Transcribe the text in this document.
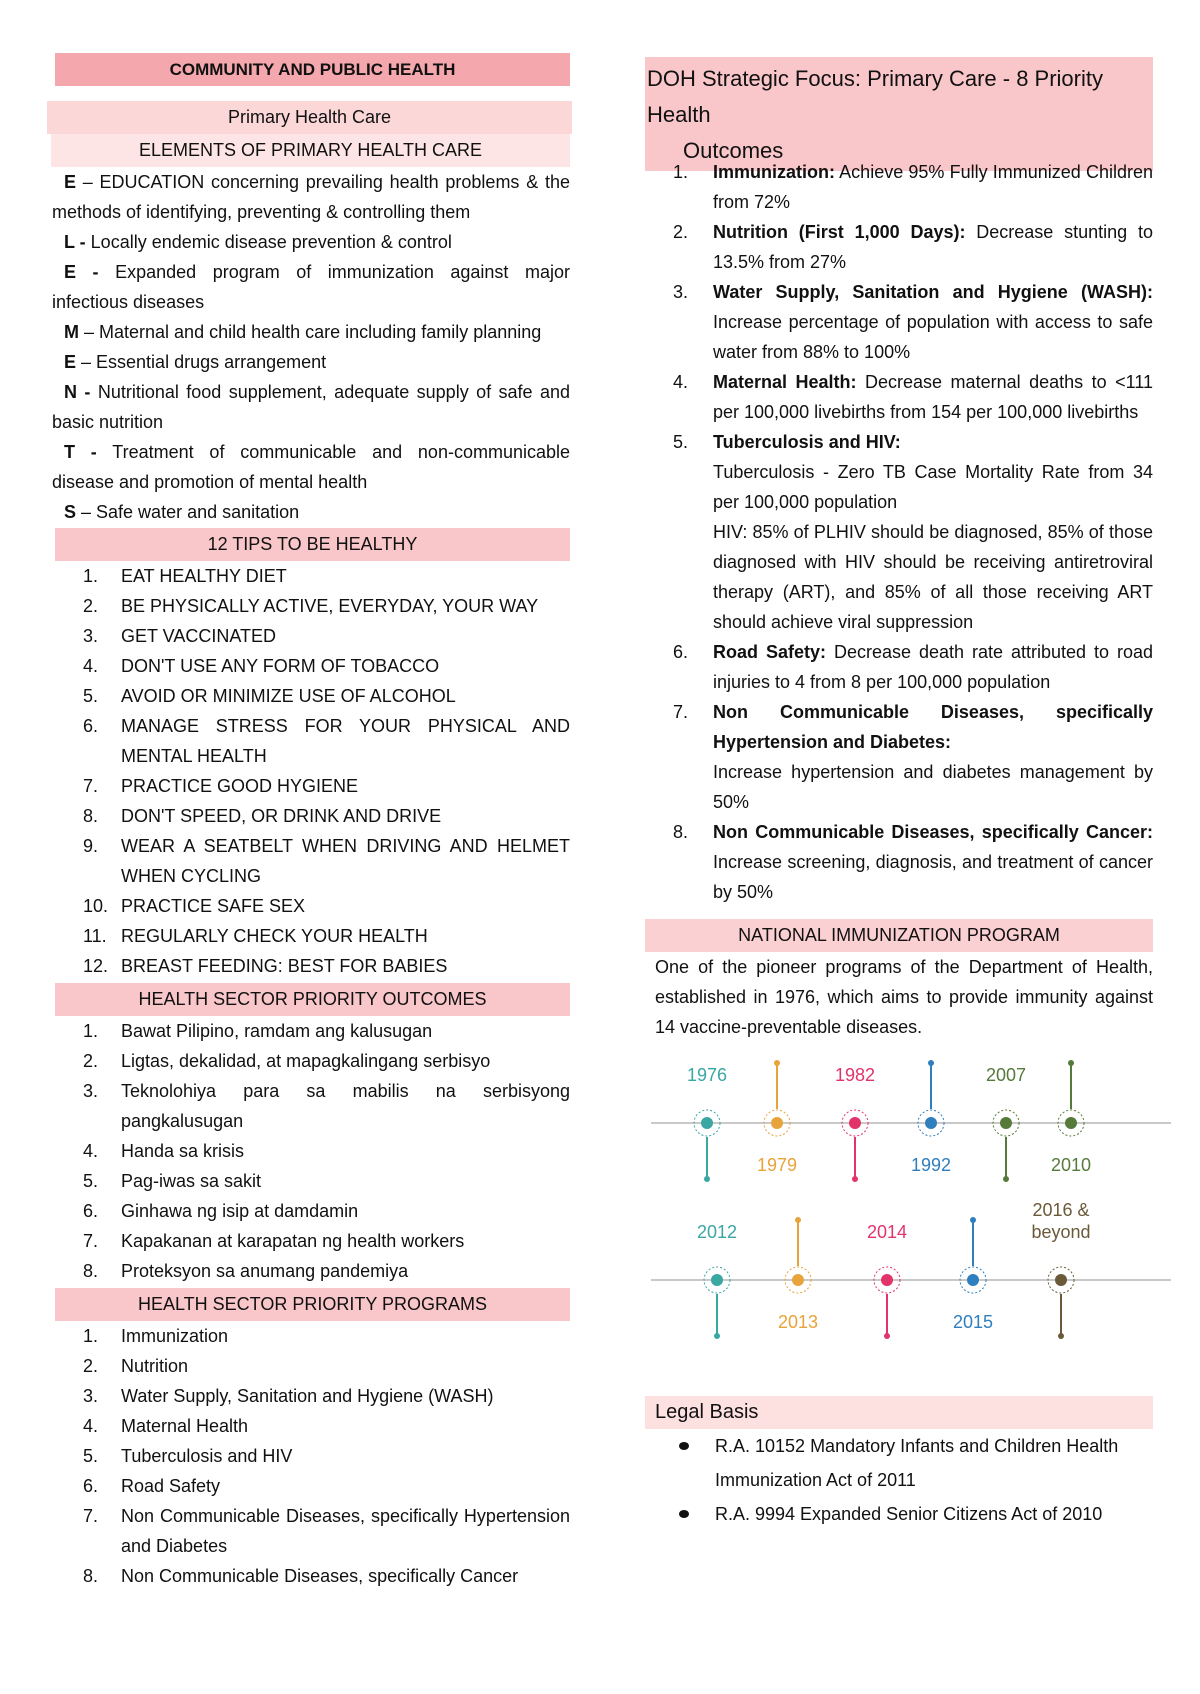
COMMUNITY AND PUBLIC HEALTH
Primary Health Care
ELEMENTS OF PRIMARY HEALTH CARE
E – EDUCATION concerning prevailing health problems & the methods of identifying, preventing & controlling them
L - Locally endemic disease prevention & control
E - Expanded program of immunization against major infectious diseases
M – Maternal and child health care including family planning
E – Essential drugs arrangement
N - Nutritional food supplement, adequate supply of safe and basic nutrition
T - Treatment of communicable and non-communicable disease and promotion of mental health
S – Safe water and sanitation
12 TIPS TO BE HEALTHY
1.	EAT HEALTHY DIET
2.	BE PHYSICALLY ACTIVE, EVERYDAY, YOUR WAY
3.	GET VACCINATED
4.	DON'T USE ANY FORM OF TOBACCO
5.	AVOID OR MINIMIZE USE OF ALCOHOL
6.	MANAGE STRESS FOR YOUR PHYSICAL AND MENTAL HEALTH
7.	PRACTICE GOOD HYGIENE
8.	DON'T SPEED, OR DRINK AND DRIVE
9.	WEAR A SEATBELT WHEN DRIVING AND HELMET WHEN CYCLING
10. PRACTICE SAFE SEX
11. REGULARLY CHECK YOUR HEALTH
12. BREAST FEEDING: BEST FOR BABIES
HEALTH SECTOR PRIORITY OUTCOMES
1.	Bawat Pilipino, ramdam ang kalusugan
2.	Ligtas, dekalidad, at mapagkalingang serbisyo
3.	Teknolohiya para sa mabilis na serbisyong pangkalusugan
4.	Handa sa krisis
5.	Pag-iwas sa sakit
6.	Ginhawa ng isip at damdamin
7.	Kapakanan at karapatan ng health workers
8.	Proteksyon sa anumang pandemiya
HEALTH SECTOR PRIORITY PROGRAMS
1.	Immunization
2.	Nutrition
3.	Water Supply, Sanitation and Hygiene (WASH)
4.	Maternal Health
5.	Tuberculosis and HIV
6.	Road Safety
7.	Non Communicable Diseases, specifically Hypertension and Diabetes
8.	Non Communicable Diseases, specifically Cancer
DOH Strategic Focus: Primary Care - 8 Priority Health
Outcomes
1.	Immunization: Achieve 95% Fully Immunized Children from 72%
2.	Nutrition (First 1,000 Days): Decrease stunting to 13.5% from 27%
3.	Water Supply, Sanitation and Hygiene (WASH): Increase percentage of population with access to safe water from 88% to 100%
4.	Maternal Health: Decrease maternal deaths to <111 per 100,000 livebirths from 154 per 100,000 livebirths
5.	Tuberculosis and HIV:
Tuberculosis - Zero TB Case Mortality Rate from 34 per 100,000 population
HIV: 85% of PLHIV should be diagnosed, 85% of those diagnosed with HIV should be receiving antiretroviral therapy (ART), and 85% of all those receiving ART should achieve viral suppression
6.	Road Safety: Decrease death rate attributed to road injuries to 4 from 8 per 100,000 population
7.	Non Communicable Diseases, specifically Hypertension and Diabetes:
Increase hypertension and diabetes management by 50%
8.	Non Communicable Diseases, specifically Cancer: Increase screening, diagnosis, and treatment of cancer by 50%
NATIONAL IMMUNIZATION PROGRAM
One of the pioneer programs of the Department of Health, established in 1976, which aims to provide immunity against 14 vaccine-preventable diseases.
1976
1979
1982
1992
2007
2010
2012
2013
2014
2015
2016 &
beyond
Legal Basis
R.A. 10152 Mandatory Infants and Children Health Immunization Act of 2011
R.A. 9994 Expanded Senior Citizens Act of 2010
